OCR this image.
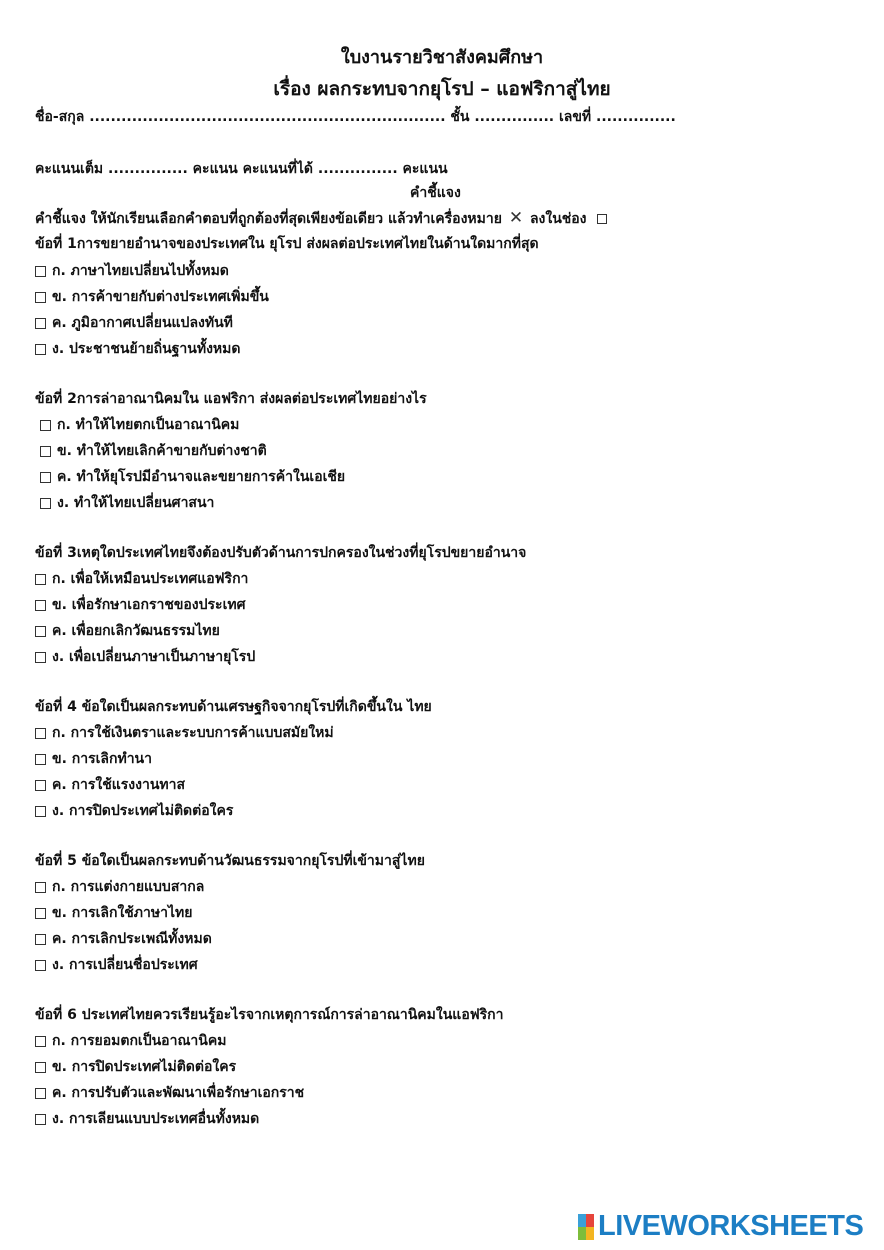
ใบงานรายวิชาสังคมศึกษา
เรื่อง ผลกระทบจากยุโรป – แอฟริกาสู่ไทย
ชื่อ-สกุล ................................................................... ชั้น ............... เลขที่ ...............
คะแนนเต็ม ............... คะแนน คะแนนที่ได้ ............... คะแนน
คำชี้แจง
คำชี้แจง ให้นักเรียนเลือกคำตอบที่ถูกต้องที่สุดเพียงข้อเดียว แล้วทำเครื่องหมาย ✕ ลงในช่อง
ข้อที่ 1การขยายอำนาจของประเทศใน ยุโรป ส่งผลต่อประเทศไทยในด้านใดมากที่สุด
ก. ภาษาไทยเปลี่ยนไปทั้งหมด
ข. การค้าขายกับต่างประเทศเพิ่มขึ้น
ค. ภูมิอากาศเปลี่ยนแปลงทันที
ง. ประชาชนย้ายถิ่นฐานทั้งหมด
ข้อที่ 2การล่าอาณานิคมใน แอฟริกา ส่งผลต่อประเทศไทยอย่างไร
ก. ทำให้ไทยตกเป็นอาณานิคม
ข. ทำให้ไทยเลิกค้าขายกับต่างชาติ
ค. ทำให้ยุโรปมีอำนาจและขยายการค้าในเอเชีย
ง. ทำให้ไทยเปลี่ยนศาสนา
ข้อที่ 3เหตุใดประเทศไทยจึงต้องปรับตัวด้านการปกครองในช่วงที่ยุโรปขยายอำนาจ
ก. เพื่อให้เหมือนประเทศแอฟริกา
ข. เพื่อรักษาเอกราชของประเทศ
ค. เพื่อยกเลิกวัฒนธรรมไทย
ง. เพื่อเปลี่ยนภาษาเป็นภาษายุโรป
ข้อที่ 4 ข้อใดเป็นผลกระทบด้านเศรษฐกิจจากยุโรปที่เกิดขึ้นใน ไทย
ก. การใช้เงินตราและระบบการค้าแบบสมัยใหม่
ข. การเลิกทำนา
ค. การใช้แรงงานทาส
ง. การปิดประเทศไม่ติดต่อใคร
ข้อที่ 5 ข้อใดเป็นผลกระทบด้านวัฒนธรรมจากยุโรปที่เข้ามาสู่ไทย
ก. การแต่งกายแบบสากล
ข. การเลิกใช้ภาษาไทย
ค. การเลิกประเพณีทั้งหมด
ง. การเปลี่ยนชื่อประเทศ
ข้อที่ 6 ประเทศไทยควรเรียนรู้อะไรจากเหตุการณ์การล่าอาณานิคมในแอฟริกา
ก. การยอมตกเป็นอาณานิคม
ข. การปิดประเทศไม่ติดต่อใคร
ค. การปรับตัวและพัฒนาเพื่อรักษาเอกราช
ง. การเลียนแบบประเทศอื่นทั้งหมด
LIVEWORKSHEETS
